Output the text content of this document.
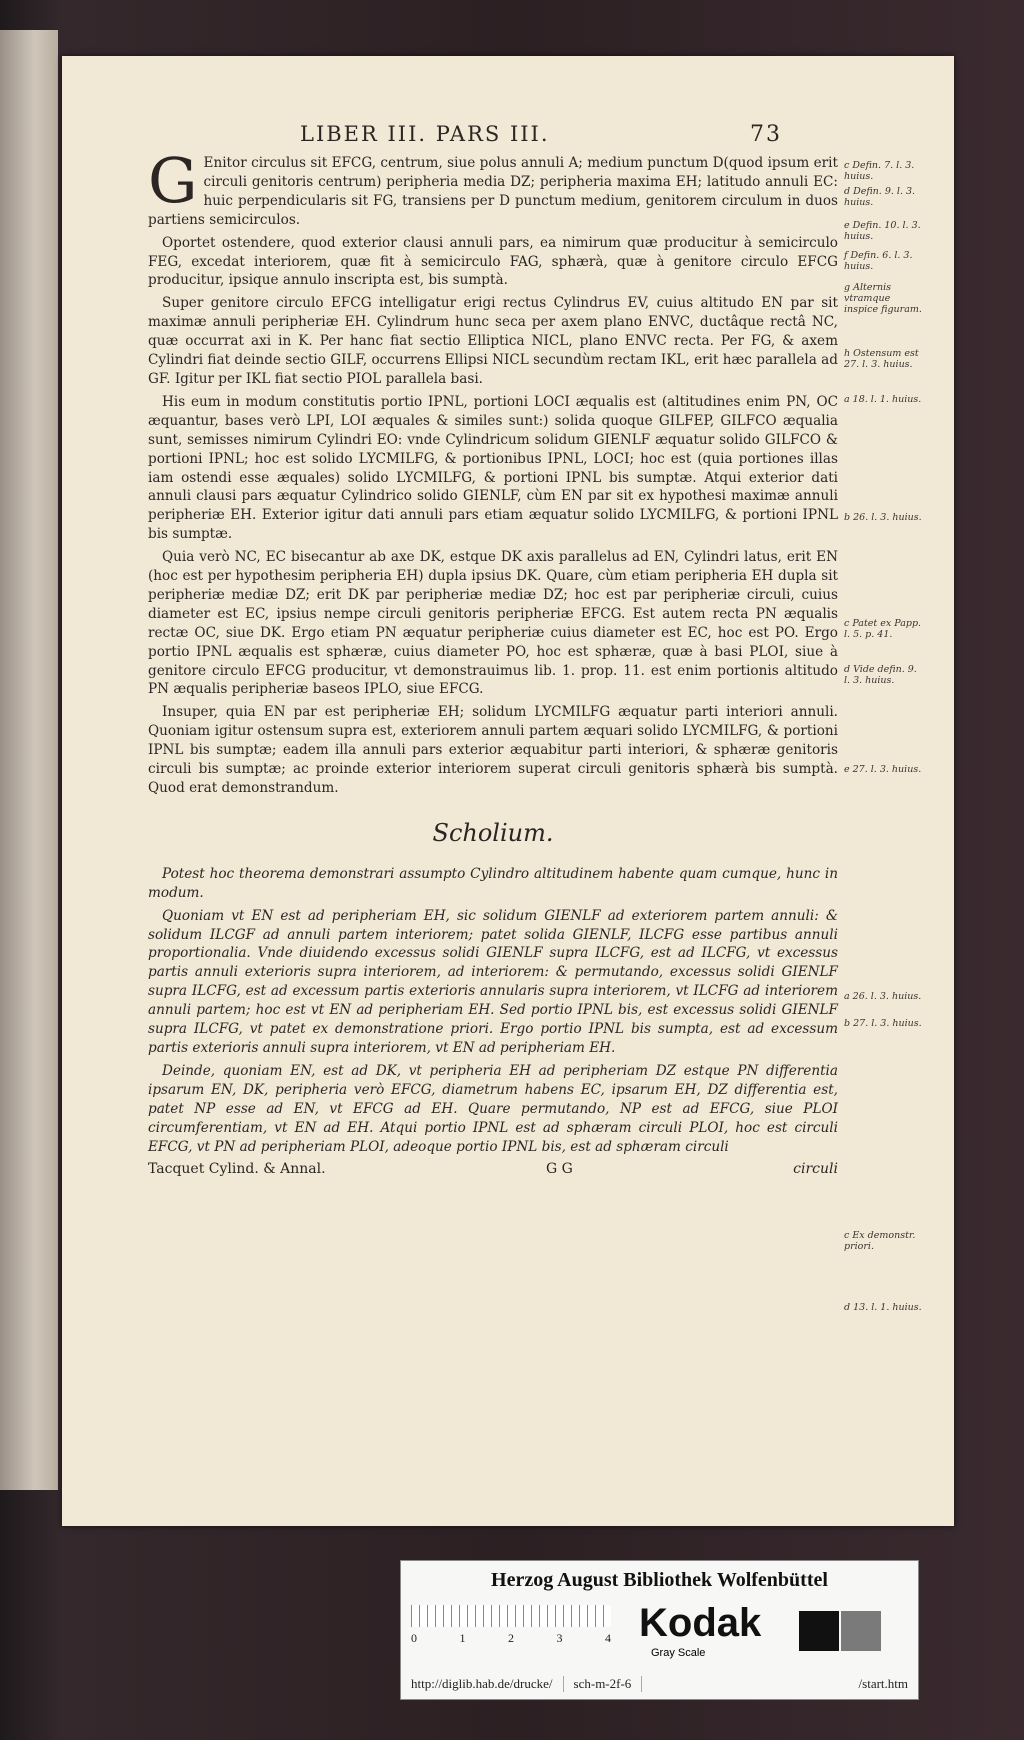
LIBER III. PARS III.	73

G Enitor circulus sit EFCG, centrum, siue polus annuli A; medium punctum D(quod ipsum erit circuli genitoris centrum) peripheria media DZ; peripheria maxima EH; latitudo annuli EC: huic perpendicularis sit FG, transiens per D punctum medium, genitorem circulum in duos partiens semicirculos.

Oportet ostendere, quod exterior clausi annuli pars, ea nimirum quæ producitur à semicirculo FEG, excedat interiorem, quæ fit à semicirculo FAG, sphærà, quæ à genitore circulo EFCG producitur, ipsique annulo inscripta est, bis sumptà.

Super genitore circulo EFCG intelligatur erigi rectus Cylindrus EV, cuius altitudo EN par sit maximæ annuli peripheriæ EH. Cylindrum hunc seca per axem plano ENVC, ductâque rectâ NC, quæ occurrat axi in K. Per hanc fiat sectio Elliptica NICL, plano ENVC recta. Per FG, & axem Cylindri fiat deinde sectio GILF, occurrens Ellipsi NICL secundùm rectam IKL, erit hæc parallela ad GF. Igitur per IKL fiat sectio PIOL parallela basi.

His eum in modum constitutis portio IPNL, portioni LOCI æqualis est (altitudines enim PN, OC æquantur, bases verò LPI, LOI æquales & similes sunt:) solida quoque GILFEP, GILFCO æqualia sunt, semisses nimirum Cylindri EO: vnde Cylindricum solidum GIENLF æquatur solido GILFCO & portioni IPNL; hoc est solido LYCMILFG, & portionibus IPNL, LOCI; hoc est (quia portiones illas iam ostendi esse æquales) solido LYCMILFG, & portioni IPNL bis sumptæ. Atqui exterior dati annuli clausi pars æquatur Cylindrico solido GIENLF, cùm EN par sit ex hypothesi maximæ annuli peripheriæ EH. Exterior igitur dati annuli pars etiam æquatur solido LYCMILFG, & portioni IPNL bis sumptæ.

Quia verò NC, EC bisecantur ab axe DK, estque DK axis parallelus ad EN, Cylindri latus, erit EN (hoc est per hypothesim peripheria EH) dupla ipsius DK. Quare, cùm etiam peripheria EH dupla sit peripheriæ mediæ DZ; erit DK par peripheriæ mediæ DZ; hoc est par peripheriæ circuli, cuius diameter est EC, ipsius nempe circuli genitoris peripheriæ EFCG. Est autem recta PN æqualis rectæ OC, siue DK. Ergo etiam PN æquatur peripheriæ cuius diameter est EC, hoc est PO. Ergo portio IPNL æqualis est sphæræ, cuius diameter PO, hoc est sphæræ, quæ à basi PLOI, siue à genitore circulo EFCG producitur, vt demonstrauimus lib. 1. prop. 11. est enim portionis altitudo PN æqualis peripheriæ baseos IPLO, siue EFCG.

Insuper, quia EN par est peripheriæ EH; solidum LYCMILFG æquatur parti interiori annuli. Quoniam igitur ostensum supra est, exteriorem annuli partem æquari solido LYCMILFG, & portioni IPNL bis sumptæ; eadem illa annuli pars exterior æquabitur parti interiori, & sphæræ genitoris circuli bis sumptæ; ac proinde exterior interiorem superat circuli genitoris sphærà bis sumptà. Quod erat demonstrandum.

Scholium.

Potest hoc theorema demonstrari assumpto Cylindro altitudinem habente quam cumque, hunc in modum.

Quoniam vt EN est ad peripheriam EH, sic solidum GIENLF ad exteriorem partem annuli: & solidum ILCGF ad annuli partem interiorem; patet solida GIENLF, ILCFG esse partibus annuli proportionalia. Vnde diuidendo excessus solidi GIENLF supra ILCFG, est ad ILCFG, vt excessus partis annuli exterioris supra interiorem, ad interiorem: & permutando, excessus solidi GIENLF supra ILCFG, est ad excessum partis exterioris annularis supra interiorem, vt ILCFG ad interiorem annuli partem; hoc est vt EN ad peripheriam EH. Sed portio IPNL bis, est excessus solidi GIENLF supra ILCFG, vt patet ex demonstratione priori. Ergo portio IPNL bis sumpta, est ad excessum partis exterioris annuli supra interiorem, vt EN ad peripheriam EH.

Deinde, quoniam EN, est ad DK, vt peripheria EH ad peripheriam DZ estque PN differentia ipsarum EN, DK, peripheria verò EFCG, diametrum habens EC, ipsarum EH, DZ differentia est, patet NP esse ad EN, vt EFCG ad EH. Quare permutando, NP est ad EFCG, siue PLOI circumferentiam, vt EN ad EH. Atqui portio IPNL est ad sphæram circuli PLOI, hoc est circuli EFCG, vt PN ad peripheriam PLOI, adeoque portio IPNL bis, est ad sphæram circuli

Tacquet Cylind. & Annal.	G G	circuli
c Defin. 7. l. 3. huius.
d Defin. 9. l. 3. huius.
e Defin. 10. l. 3. huius.
f Defin. 6. l. 3. huius.
g Alternis vtramque inspice figuram.
h Ostensum est 27. l. 3. huius.
a 18. l. 1. huius.
b 26. l. 3. huius.
c Patet ex Papp. l. 5. p. 41.
d Vide defin. 9. l. 3. huius.
e 27. l. 3. huius.
a 26. l. 3. huius.
b 27. l. 3. huius.
c Ex demonstr. priori.
d 13. l. 1. huius.
Herzog August Bibliothek Wolfenbüttel
0	1	2	3	4 Kodak
Gray Scale
http://diglib.hab.de/drucke/	sch-m-2f-6	/start.htm
